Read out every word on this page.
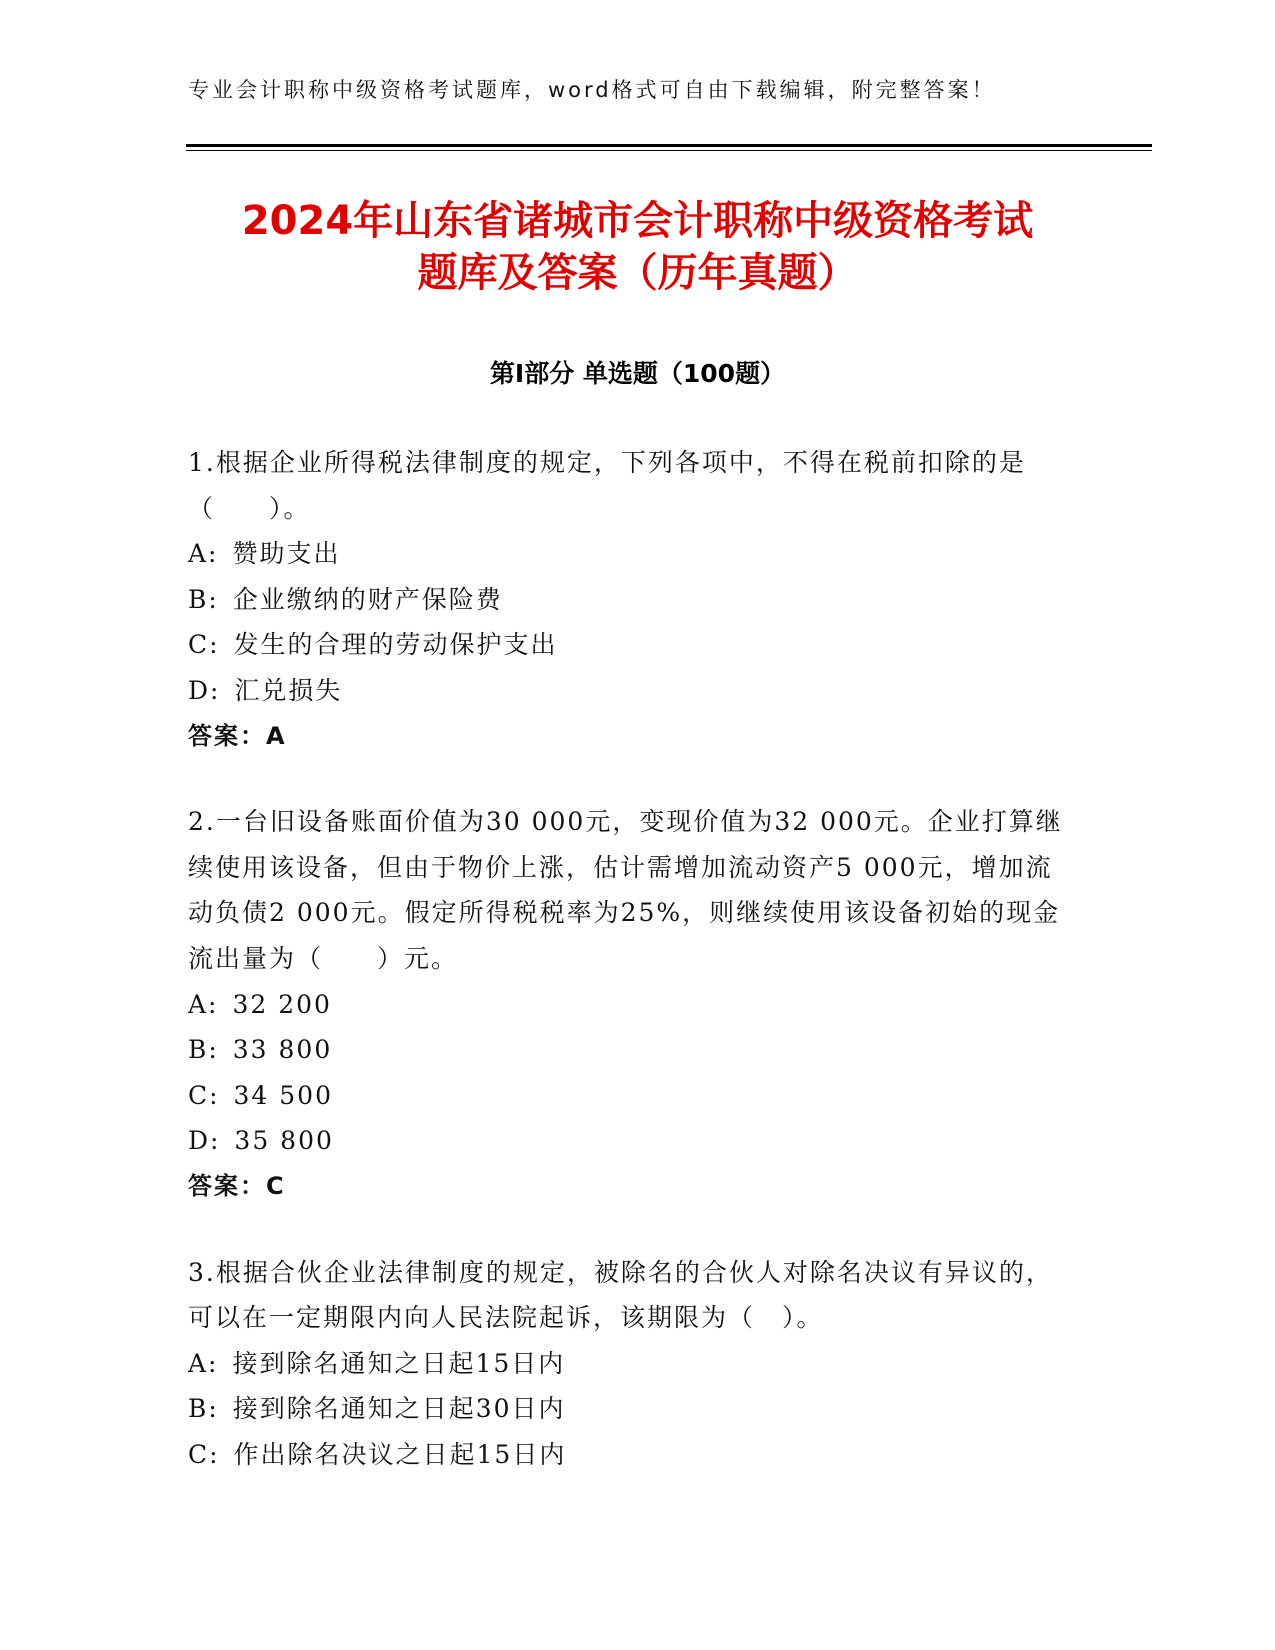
专业会计职称中级资格考试题库，word格式可自由下载编辑，附完整答案！
2024年山东省诸城市会计职称中级资格考试
题库及答案（历年真题）
第Ⅰ部分 单选题（100题）

1.根据企业所得税法律制度的规定，下列各项中，不得在税前扣除的是（　　）。

A: 赞助支出

B: 企业缴纳的财产保险费

C: 发生的合理的劳动保护支出

D: 汇兑损失

答案：A

2.一台旧设备账面价值为30 000元，变现价值为32 000元。企业打算继续使用该设备，但由于物价上涨，估计需增加流动资产5 000元，增加流动负债2 000元。假定所得税税率为25%，则继续使用该设备初始的现金流出量为（　　）元。

A: 32 200

B: 33 800

C: 34 500

D: 35 800

答案：C

3.根据合伙企业法律制度的规定，被除名的合伙人对除名决议有异议的，可以在一定期限内向人民法院起诉，该期限为（　）。

A: 接到除名通知之日起15日内

B: 接到除名通知之日起30日内

C: 作出除名决议之日起15日内
